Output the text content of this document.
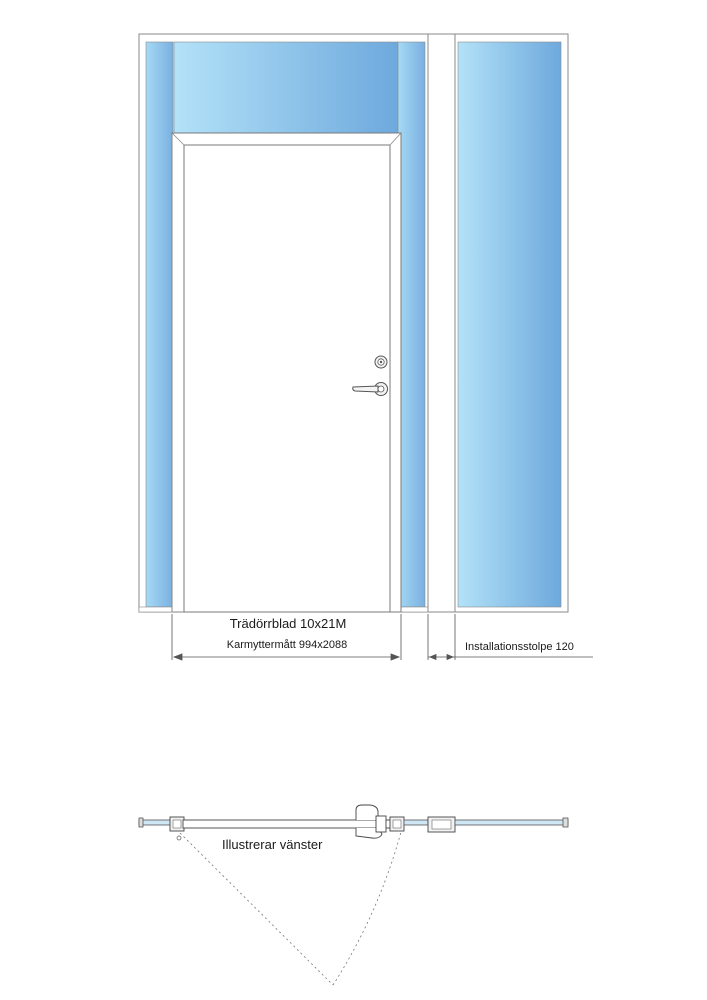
Trädörrblad 10x21M
Karmyttermått 994x2088	Installationsstolpe 120
Illustrerar vänster
